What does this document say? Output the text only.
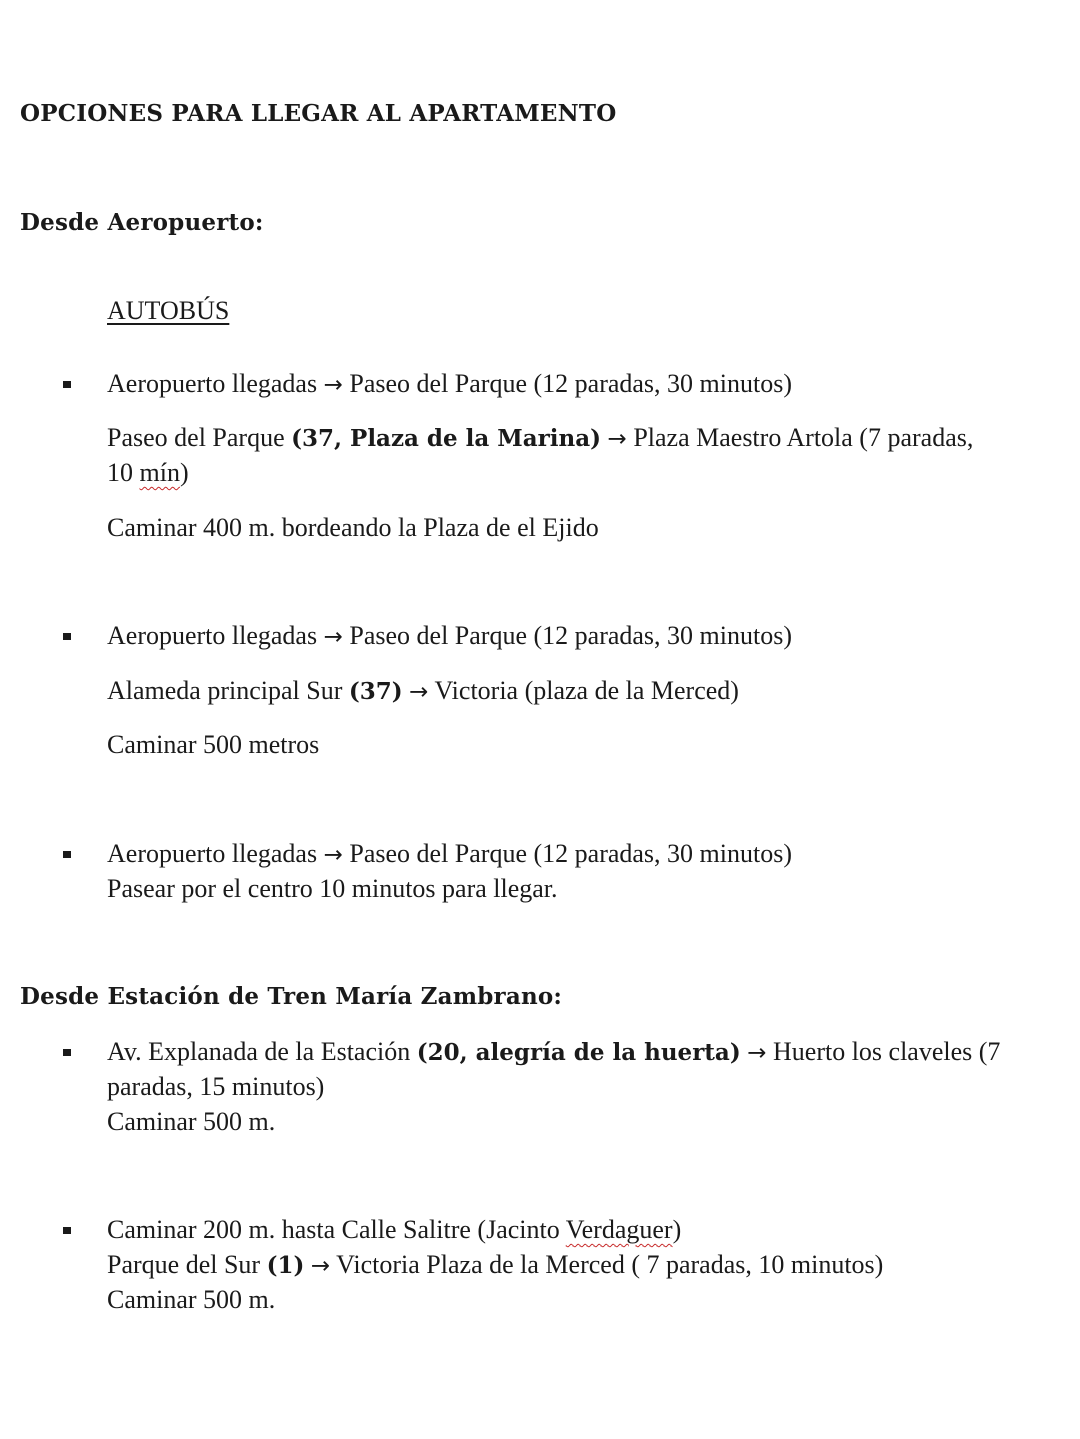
OPCIONES PARA LLEGAR AL APARTAMENTO
Desde Aeropuerto:
AUTOBÚS
Aeropuerto llegadas → Paseo del Parque (12 paradas, 30 minutos)
Paseo del Parque (37, Plaza de la Marina) → Plaza Maestro Artola (7 paradas,
10 mín)
Caminar 400 m. bordeando la Plaza de el Ejido
Aeropuerto llegadas → Paseo del Parque (12 paradas, 30 minutos)
Alameda principal Sur (37) → Victoria (plaza de la Merced)
Caminar 500 metros
Aeropuerto llegadas → Paseo del Parque (12 paradas, 30 minutos)
Pasear por el centro 10 minutos para llegar.
Desde Estación de Tren María Zambrano:
Av. Explanada de la Estación (20, alegría de la huerta) → Huerto los claveles (7
paradas, 15 minutos)
Caminar 500 m.
Caminar 200 m. hasta Calle Salitre (Jacinto Verdaguer)
Parque del Sur (1) → Victoria Plaza de la Merced ( 7 paradas, 10 minutos)
Caminar 500 m.
